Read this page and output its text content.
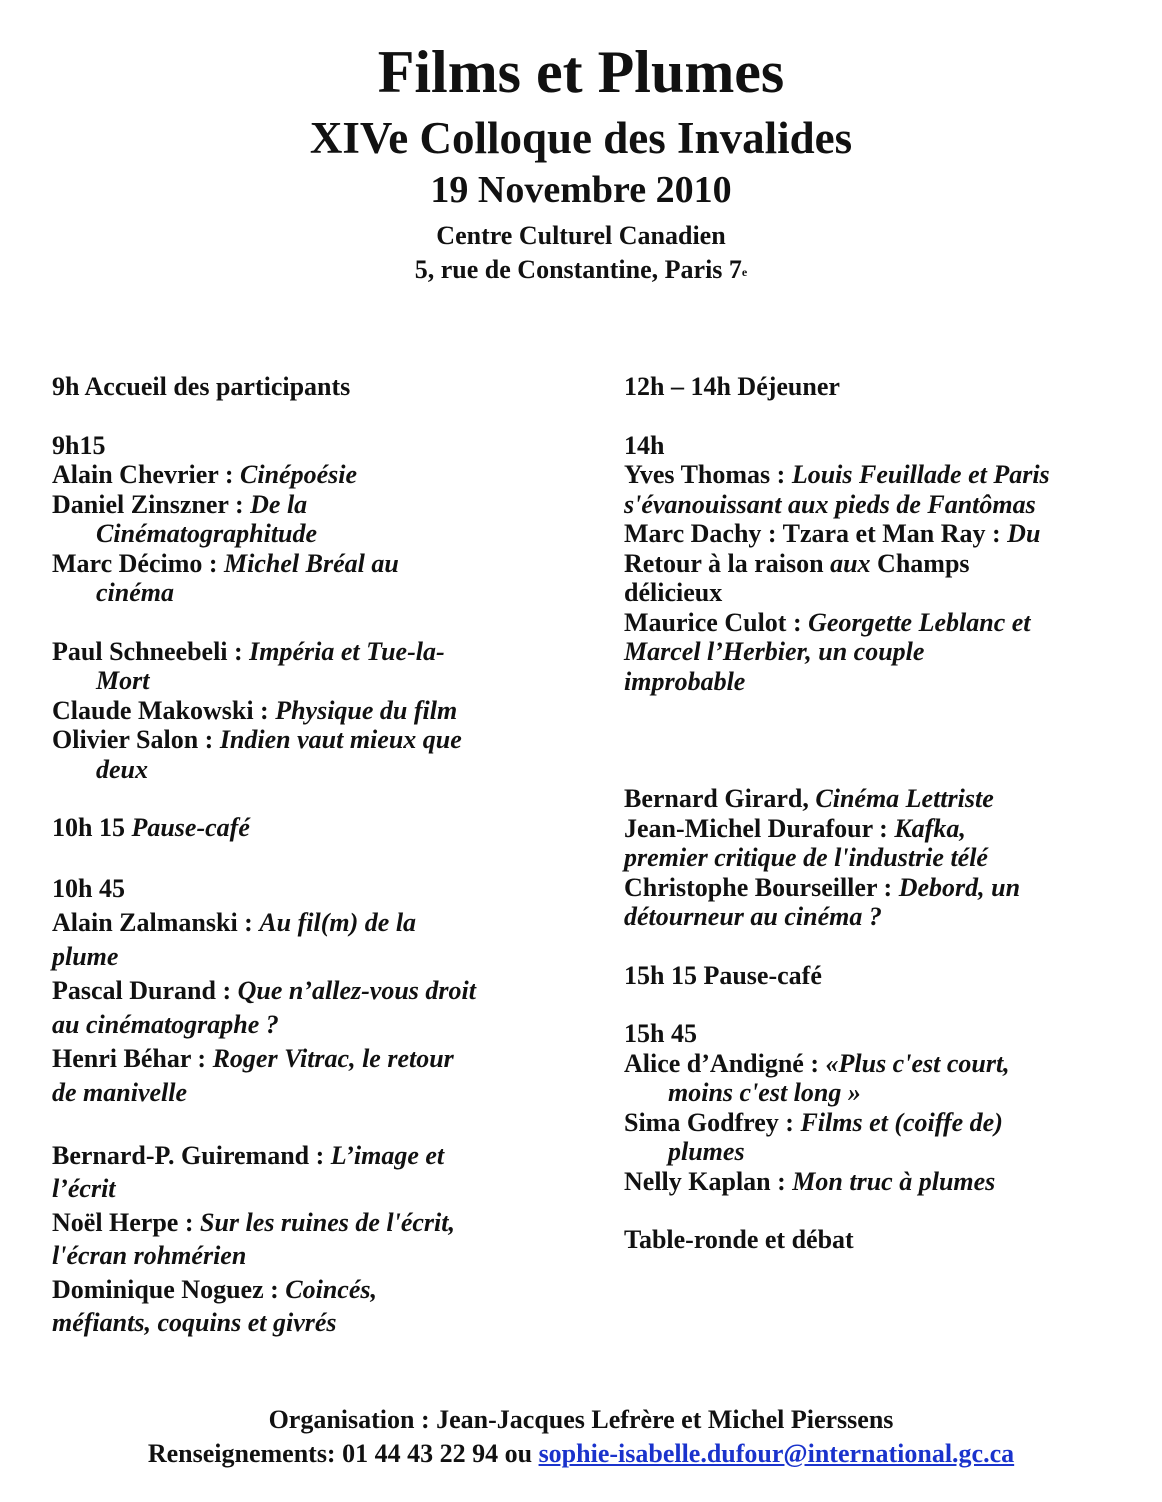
Films et Plumes
XIVe Colloque des Invalides
19 Novembre 2010
Centre Culturel Canadien
5, rue de Constantine, Paris 7e
9h Accueil des participants
9h15
Alain Chevrier : Cinépoésie
Daniel Zinszner : De la
Cinématographitude
Marc Décimo : Michel Bréal au
cinéma
Paul Schneebeli : Impéria et Tue-la-
Mort
Claude Makowski : Physique du film
Olivier Salon : Indien vaut mieux que
deux
10h 15 Pause-café
10h 45
Alain Zalmanski : Au fil(m) de la
plume
Pascal Durand : Que n’allez-vous droit
au cinématographe ?
Henri Béhar : Roger Vitrac, le retour
de manivelle
Bernard-P. Guiremand : L’image et
l’écrit
Noël Herpe : Sur les ruines de l'écrit,
l'écran rohmérien
Dominique Noguez : Coincés,
méfiants, coquins et givrés
12h – 14h Déjeuner
14h
Yves Thomas : Louis Feuillade et Paris
s'évanouissant aux pieds de Fantômas
Marc Dachy : Tzara et Man Ray : Du
Retour à la raison aux Champs
délicieux
Maurice Culot : Georgette Leblanc et
Marcel l’Herbier, un couple
improbable
Bernard Girard, Cinéma Lettriste
Jean-Michel Durafour : Kafka,
premier critique de l'industrie télé
Christophe Bourseiller : Debord, un
détourneur au cinéma ?
15h 15 Pause-café
15h 45
Alice d’Andigné : «Plus c'est court,
moins c'est long »
Sima Godfrey : Films et (coiffe de)
plumes
Nelly Kaplan : Mon truc à plumes
Table-ronde et débat
Organisation : Jean-Jacques Lefrère et Michel Pierssens
Renseignements: 01 44 43 22 94 ou sophie-isabelle.dufour@international.gc.ca
